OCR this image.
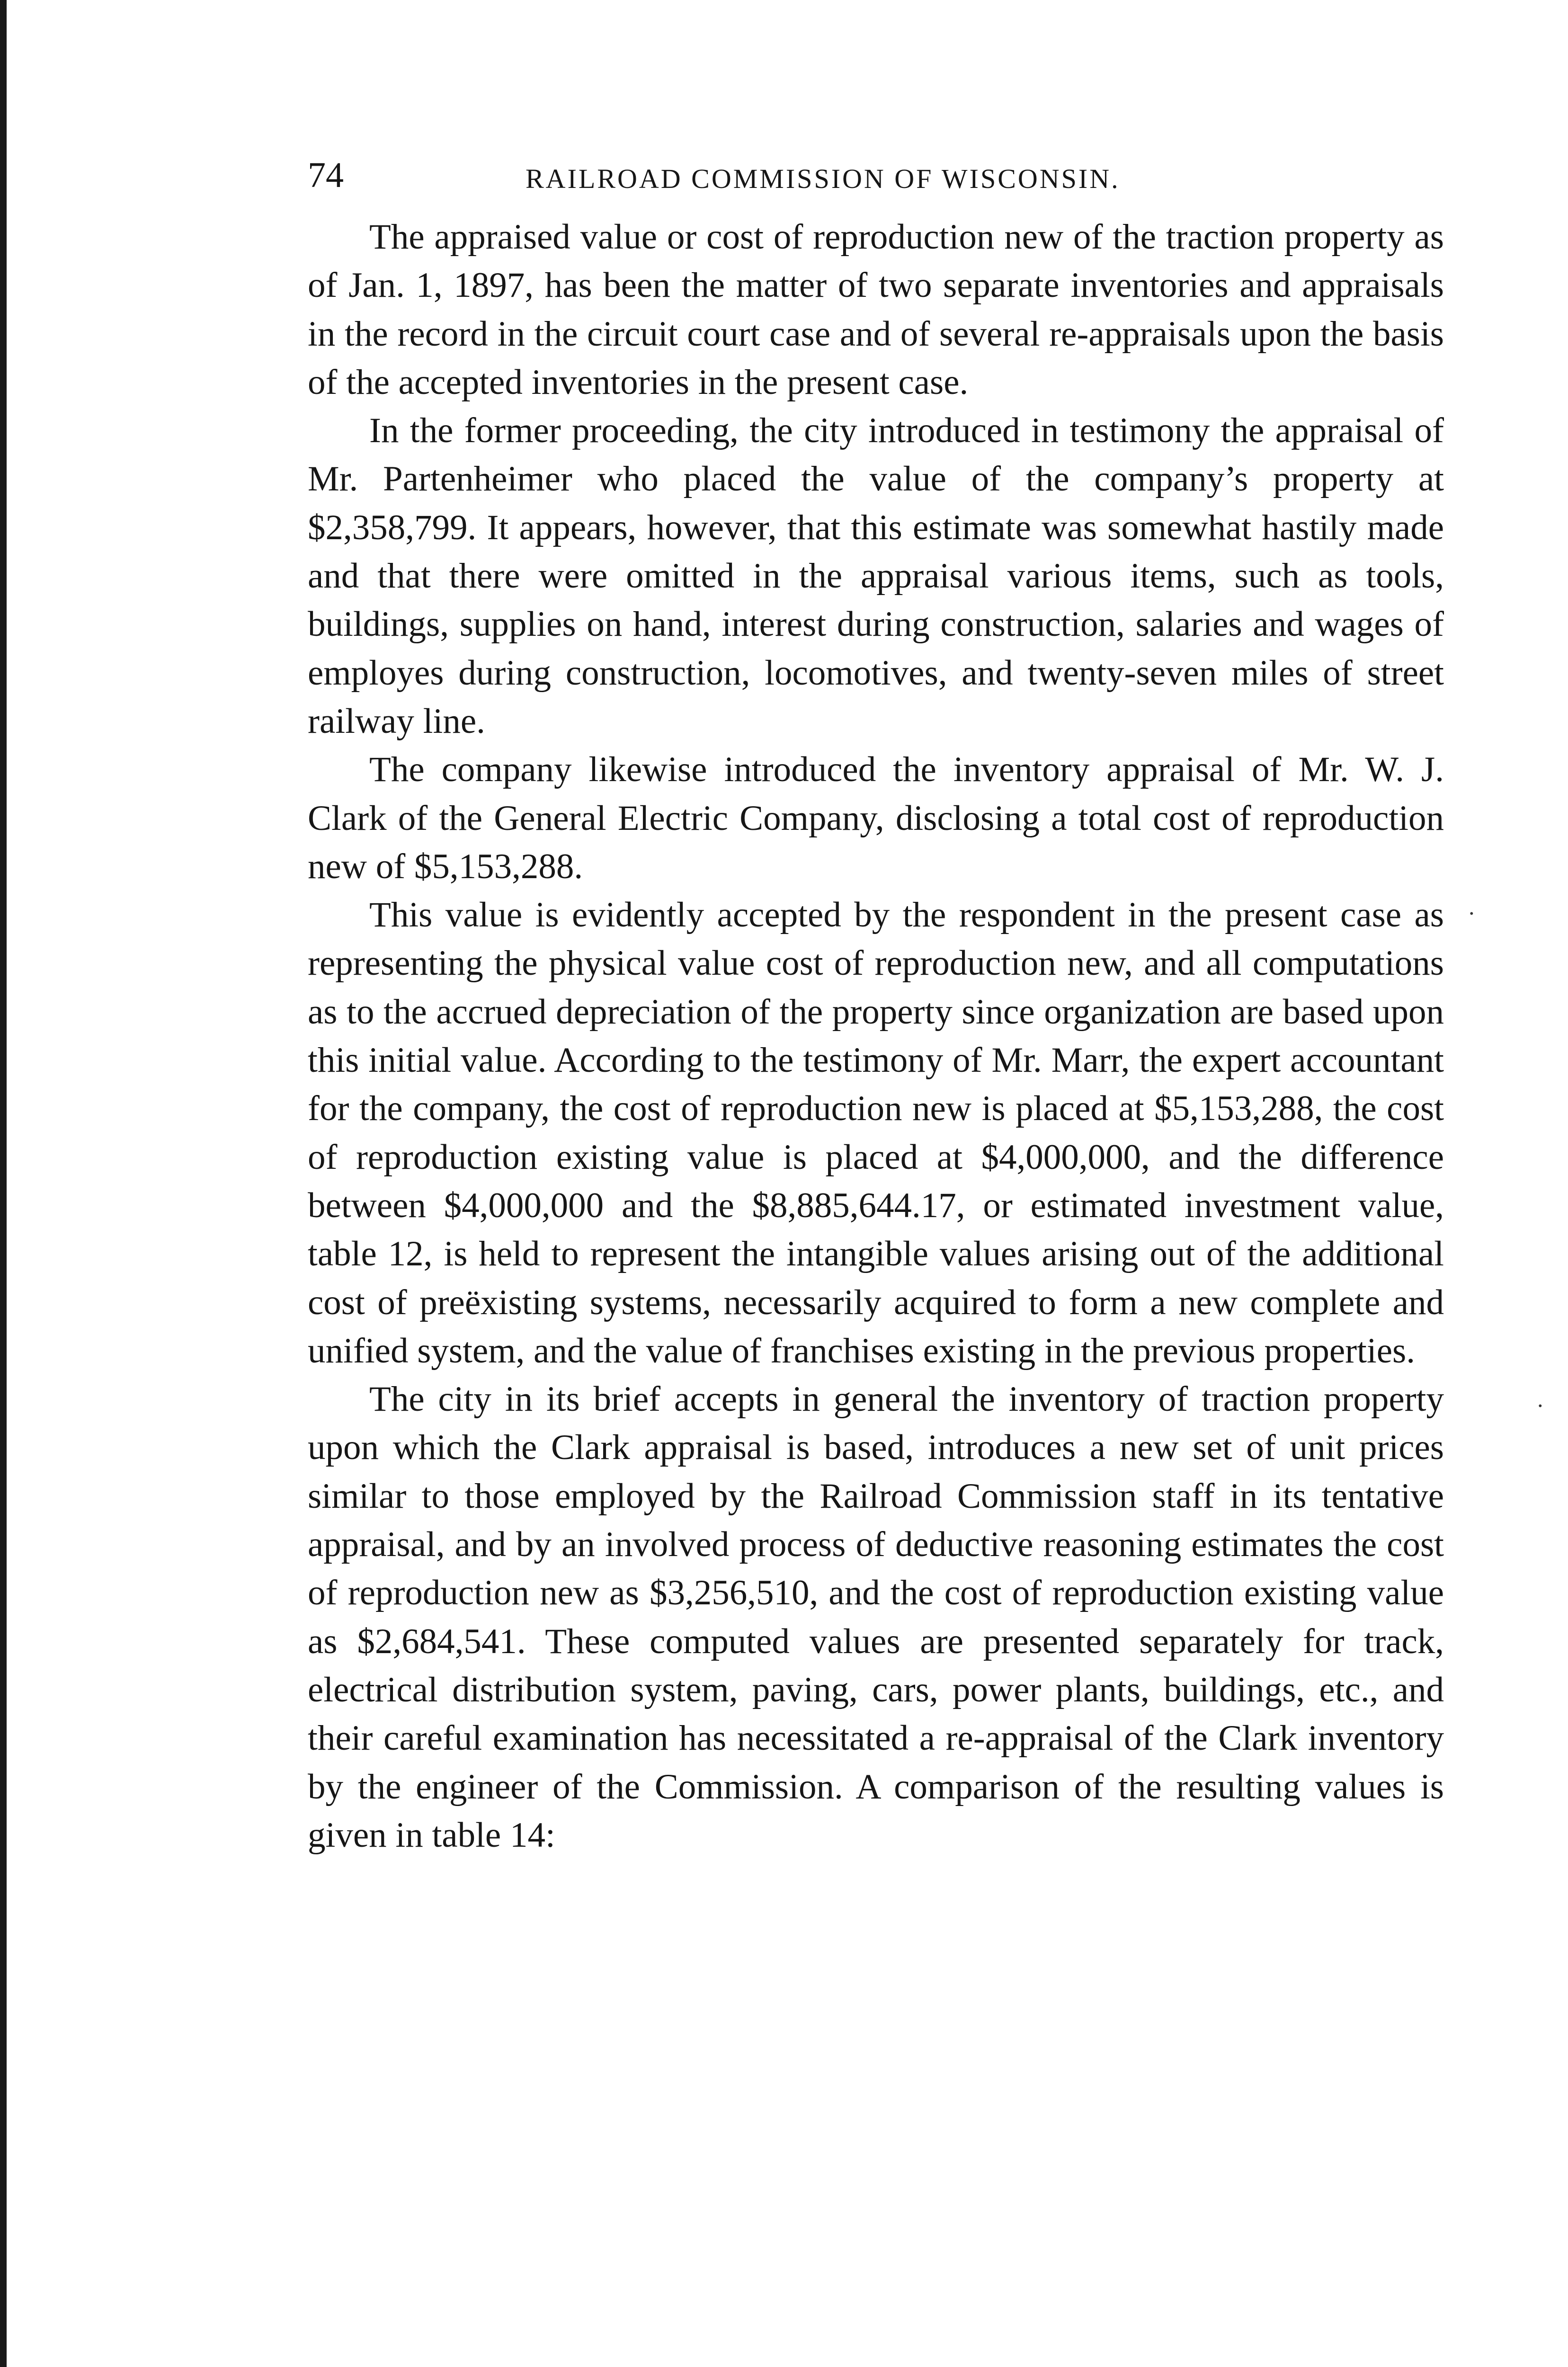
74	RAILROAD COMMISSION OF WISCONSIN.

The appraised value or cost of reproduction new of the traction property as of Jan. 1, 1897, has been the matter of two separate inventories and appraisals in the record in the circuit court case and of several re-appraisals upon the basis of the accepted inventories in the present case.

In the former proceeding, the city introduced in testimony the appraisal of Mr. Partenheimer who placed the value of the company’s property at $2,358,799. It appears, however, that this estimate was somewhat hastily made and that there were omitted in the appraisal various items, such as tools, buildings, supplies on hand, interest during construction, salaries and wages of employes during construction, locomotives, and twenty-seven miles of street railway line.

The company likewise introduced the inventory appraisal of Mr. W. J. Clark of the General Electric Company, disclosing a total cost of reproduction new of $5,153,288.

This value is evidently accepted by the respondent in the present case as representing the physical value cost of reproduction new, and all computations as to the accrued depreciation of the property since organization are based upon this initial value. According to the testimony of Mr. Marr, the expert accountant for the company, the cost of reproduction new is placed at $5,153,288, the cost of reproduction existing value is placed at $4,000,000, and the difference between $4,000,000 and the $8,885,644.17, or estimated investment value, table 12, is held to represent the intangible values arising out of the additional cost of preëxisting systems, necessarily acquired to form a new complete and unified system, and the value of franchises existing in the previous properties.

The city in its brief accepts in general the inventory of traction property upon which the Clark appraisal is based, introduces a new set of unit prices similar to those employed by the Railroad Commission staff in its tentative appraisal, and by an involved process of deductive reasoning estimates the cost of reproduction new as $3,256,510, and the cost of reproduction existing value as $2,684,541. These computed values are presented separately for track, electrical distribution system, paving, cars, power plants, buildings, etc., and their careful examination has necessitated a re-appraisal of the Clark inventory by the engineer of the Commission. A comparison of the resulting values is given in table 14:

·
·
